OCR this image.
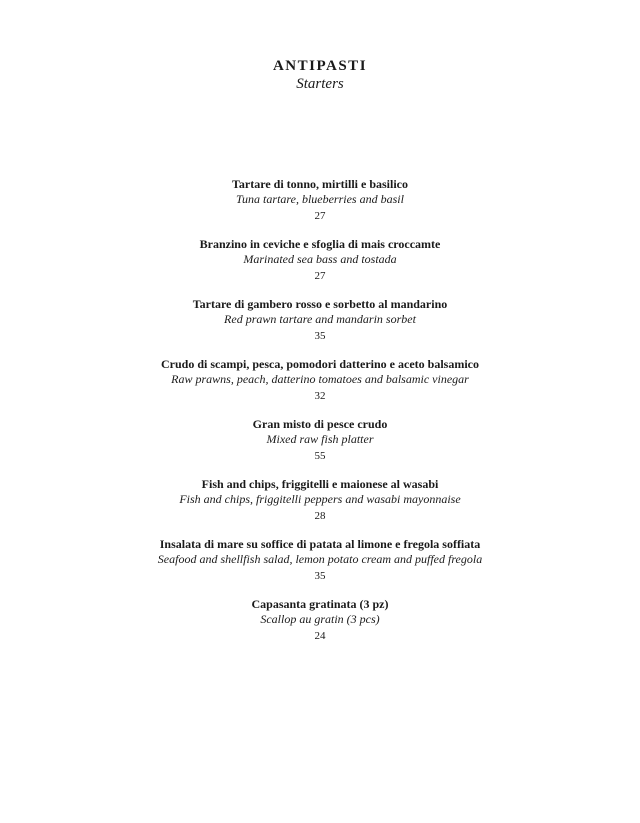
ANTIPASTI
Starters
Tartare di tonno, mirtilli e basilico
Tuna tartare, blueberries and basil
27
Branzino in ceviche e sfoglia di mais croccamte
Marinated sea bass and tostada
27
Tartare di gambero rosso e sorbetto al mandarino
Red prawn tartare and mandarin sorbet
35
Crudo di scampi, pesca, pomodori datterino e aceto balsamico
Raw prawns, peach, datterino tomatoes and balsamic vinegar
32
Gran misto di pesce crudo
Mixed raw fish platter
55
Fish and chips, friggitelli e maionese al wasabi
Fish and chips, friggitelli peppers and wasabi mayonnaise
28
Insalata di mare su soffice di patata al limone e fregola soffiata
Seafood and shellfish salad, lemon potato cream and puffed fregola
35
Capasanta gratinata (3 pz)
Scallop au gratin (3 pcs)
24
